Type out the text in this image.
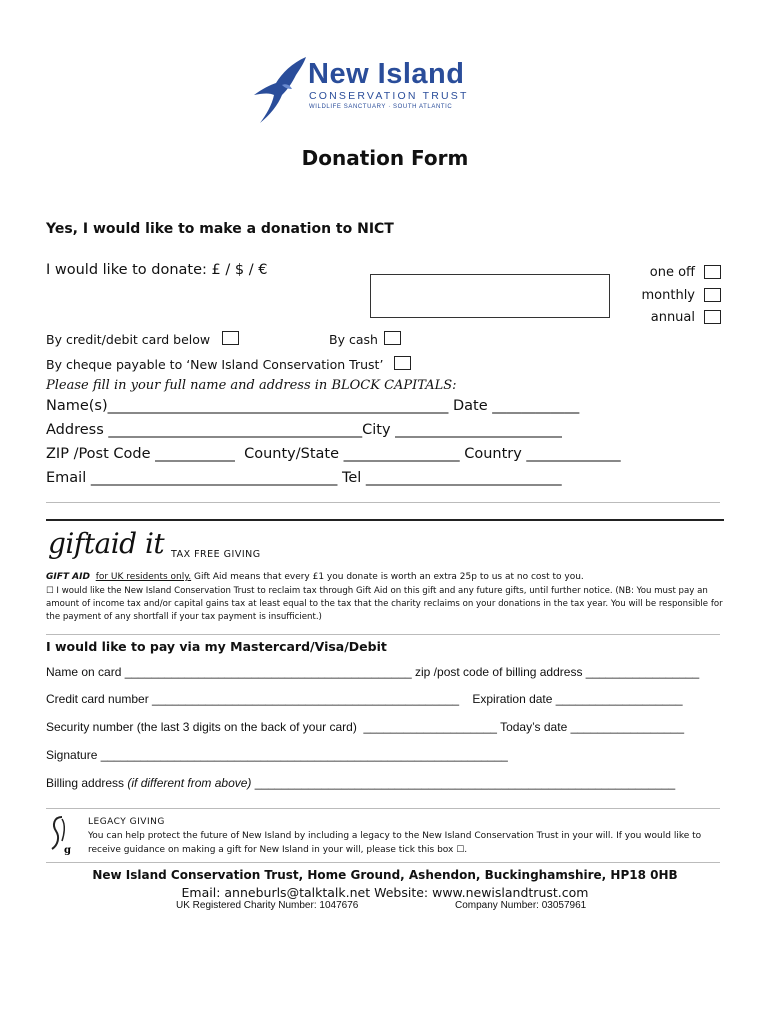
New Island
CONSERVATION TRUST
WILDLIFE SANCTUARY · SOUTH ATLANTIC
Donation Form
Yes, I would like to make a donation to NICT
I would like to donate: £ / $ / €	one off
monthly
annual
By credit/debit card below	By cash
By cheque payable to ‘New Island Conservation Trust’
Please fill in your full name and address in BLOCK CAPITALS:
Name(s)_______________________________________________ Date ____________
Address ___________________________________City _______________________
ZIP /Post Code ___________  County/State ________________ Country _____________
Email __________________________________ Tel ___________________________
giftaid it TAX FREE GIVING
GIFT AID for UK residents only. Gift Aid means that every £1 you donate is worth an extra 25p to us at no cost to you.
☐ I would like the New Island Conservation Trust to reclaim tax through Gift Aid on this gift and any future gifts, until further notice. (NB: You must pay an amount of income tax and/or capital gains tax at least equal to the tax that the charity reclaims on your donations in the tax year. You will be responsible for the payment of any shortfall if your tax payment is insufficient.)
I would like to pay via my Mastercard/Visa/Debit
Name on card ___________________________________________ zip /post code of billing address _________________
Credit card number ______________________________________________    Expiration date ___________________
Security number (the last 3 digits on the back of your card)  ____________________ Today’s date _________________
Signature _____________________________________________________________
Billing address (if different from above) _______________________________________________________________
g
LEGACY GIVING
You can help protect the future of New Island by including a legacy to the New Island Conservation Trust in your will. If you would like to receive guidance on making a gift for New Island in your will, please tick this box ☐.
New Island Conservation Trust, Home Ground, Ashendon, Buckinghamshire, HP18 0HB
Email: anneburls@talktalk.net Website: www.newislandtrust.com
UK Registered Charity Number: 1047676	Company Number: 03057961
